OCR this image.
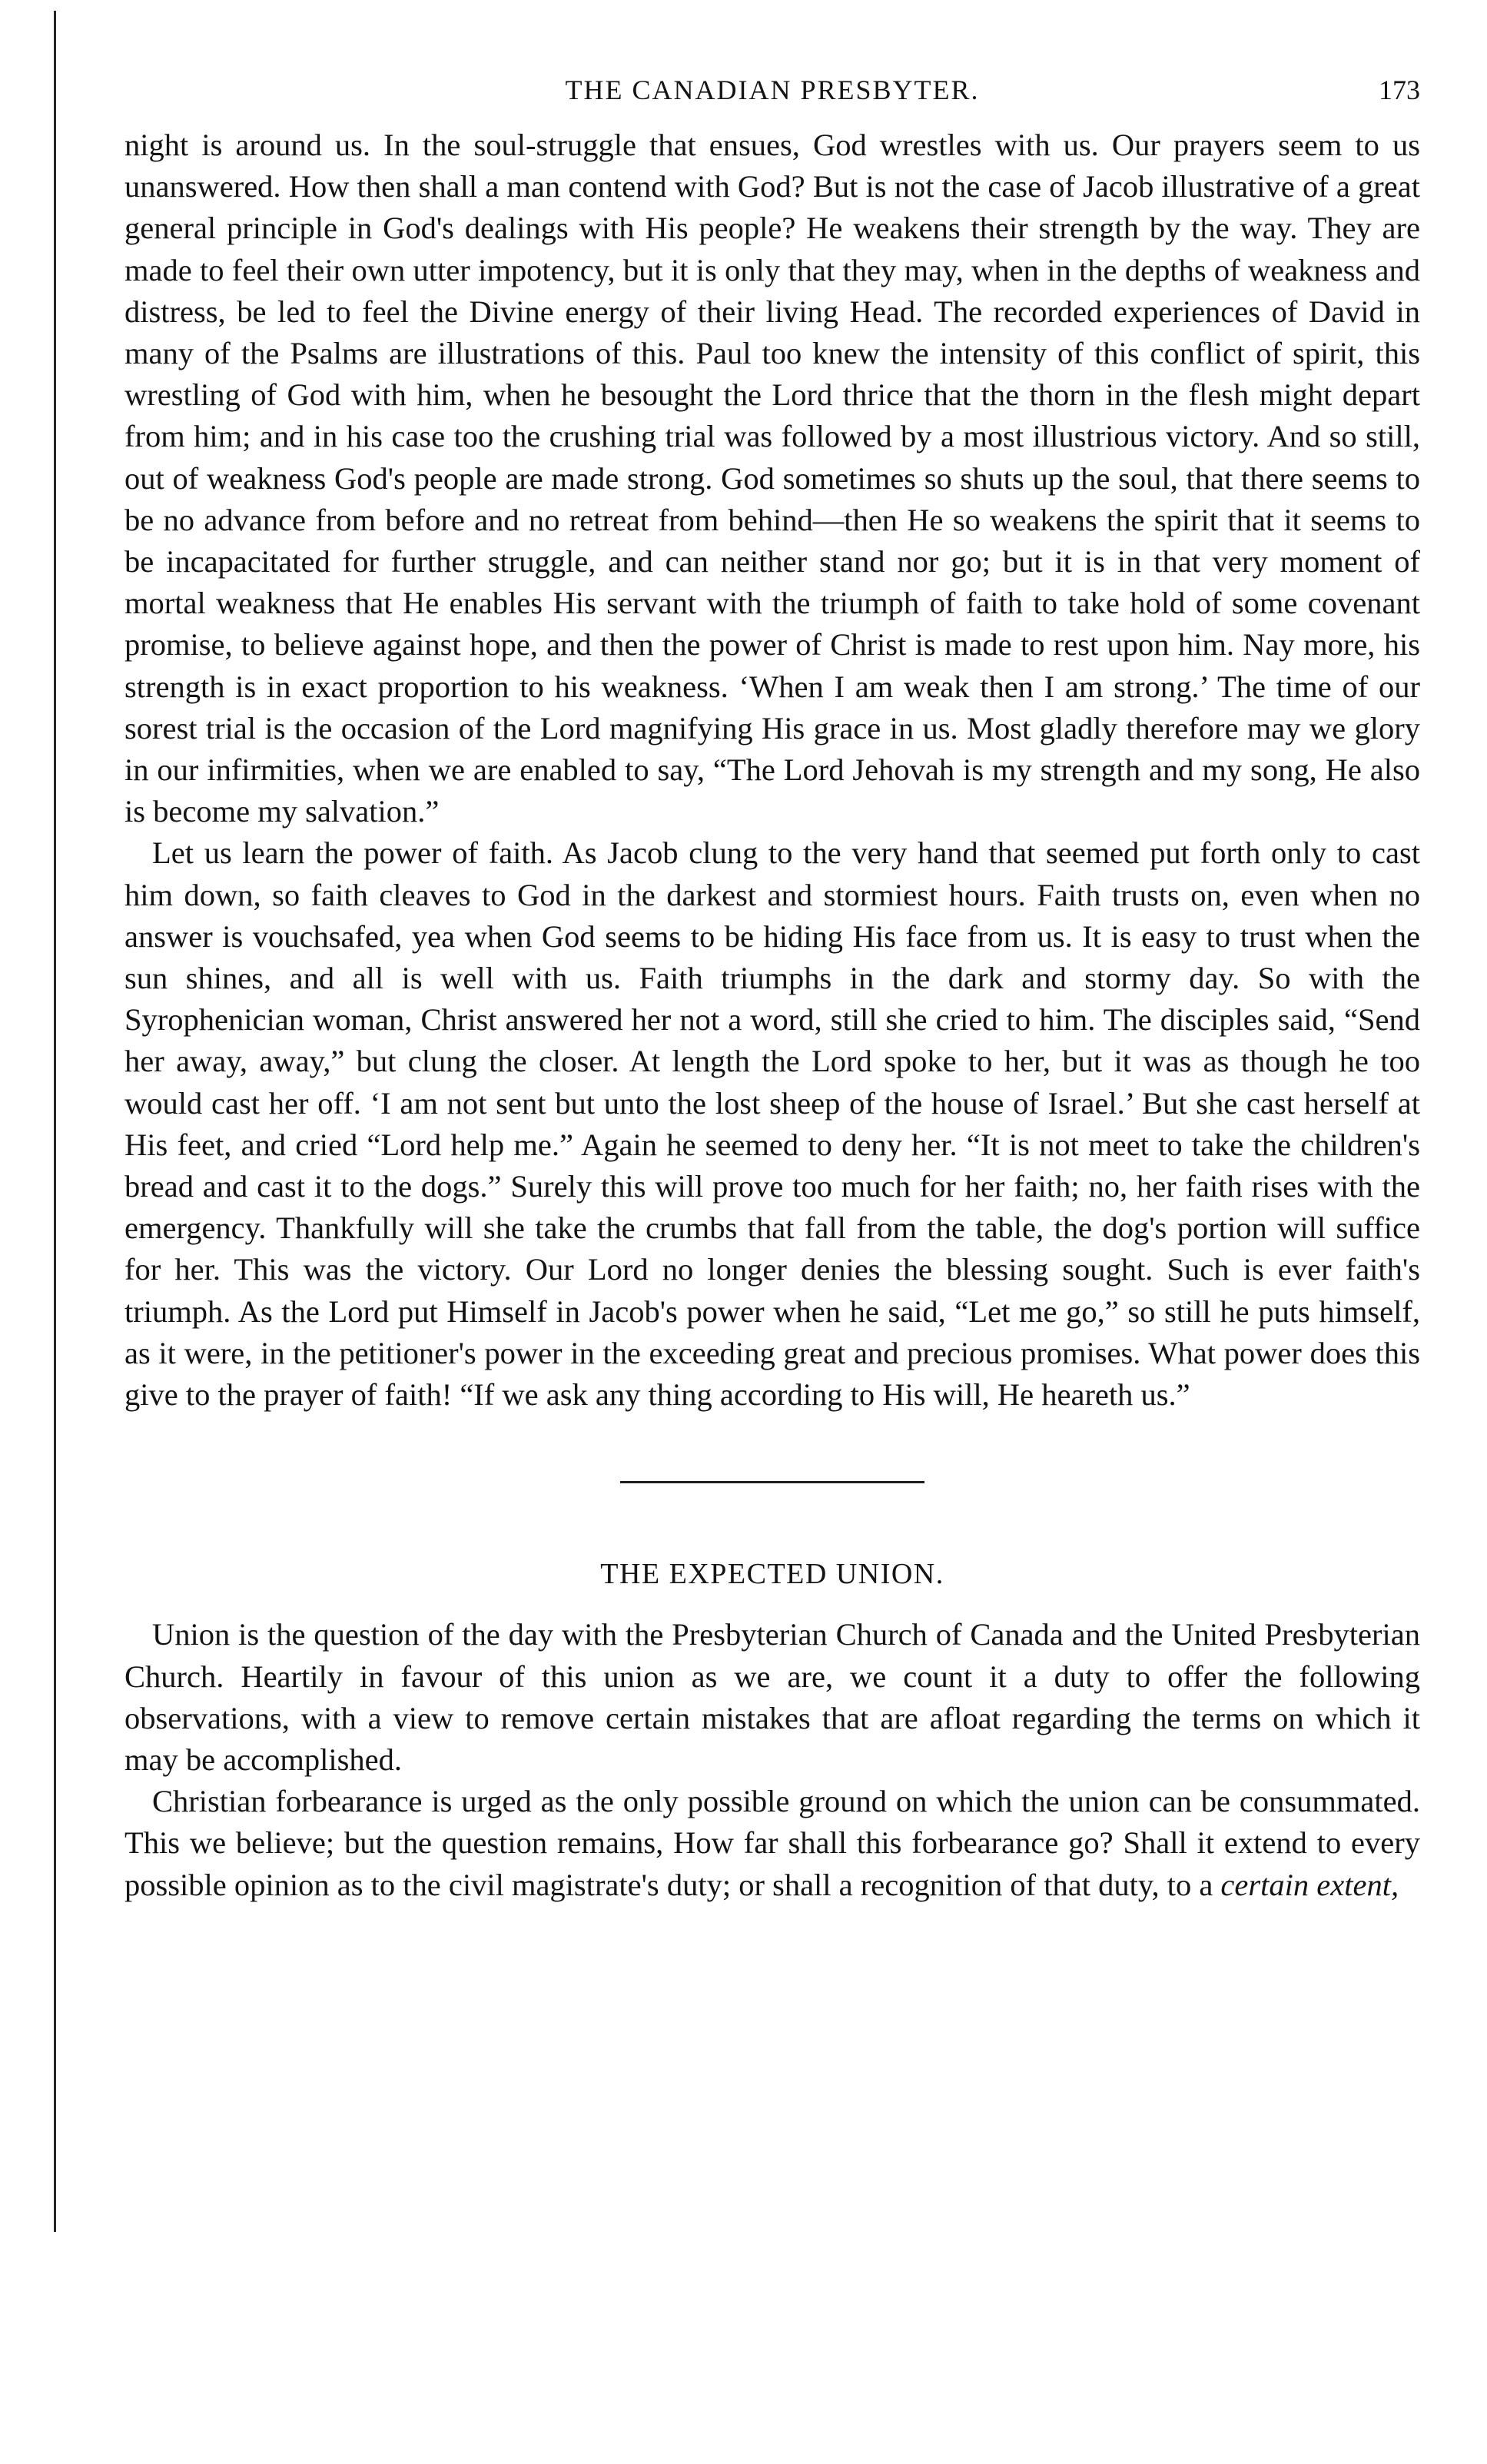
THE CANADIAN PRESBYTER.	173

night is around us. In the soul-struggle that ensues, God wrestles with us. Our prayers seem to us unanswered. How then shall a man contend with God? But is not the case of Jacob illustrative of a great general principle in God's dealings with His people? He weakens their strength by the way. They are made to feel their own utter impotency, but it is only that they may, when in the depths of weakness and distress, be led to feel the Divine energy of their living Head. The recorded experiences of David in many of the Psalms are illustrations of this. Paul too knew the intensity of this conflict of spirit, this wrestling of God with him, when he besought the Lord thrice that the thorn in the flesh might depart from him; and in his case too the crushing trial was followed by a most illustrious victory. And so still, out of weakness God's people are made strong. God sometimes so shuts up the soul, that there seems to be no advance from before and no retreat from behind—then He so weakens the spirit that it seems to be incapacitated for further struggle, and can neither stand nor go; but it is in that very moment of mortal weakness that He enables His servant with the triumph of faith to take hold of some covenant promise, to believe against hope, and then the power of Christ is made to rest upon him. Nay more, his strength is in exact proportion to his weakness. ‘When I am weak then I am strong.’ The time of our sorest trial is the occasion of the Lord magnifying His grace in us. Most gladly therefore may we glory in our infirmities, when we are enabled to say, “The Lord Jehovah is my strength and my song, He also is become my salvation.”

Let us learn the power of faith. As Jacob clung to the very hand that seemed put forth only to cast him down, so faith cleaves to God in the darkest and stormiest hours. Faith trusts on, even when no answer is vouchsafed, yea when God seems to be hiding His face from us. It is easy to trust when the sun shines, and all is well with us. Faith triumphs in the dark and stormy day. So with the Syrophenician woman, Christ answered her not a word, still she cried to him. The disciples said, “Send her away, away,” but clung the closer. At length the Lord spoke to her, but it was as though he too would cast her off. ‘I am not sent but unto the lost sheep of the house of Israel.’ But she cast herself at His feet, and cried “Lord help me.” Again he seemed to deny her. “It is not meet to take the children's bread and cast it to the dogs.” Surely this will prove too much for her faith; no, her faith rises with the emergency. Thankfully will she take the crumbs that fall from the table, the dog's portion will suffice for her. This was the victory. Our Lord no longer denies the blessing sought. Such is ever faith's triumph. As the Lord put Himself in Jacob's power when he said, “Let me go,” so still he puts himself, as it were, in the petitioner's power in the exceeding great and precious promises. What power does this give to the prayer of faith! “If we ask any thing according to His will, He heareth us.”

THE EXPECTED UNION.

Union is the question of the day with the Presbyterian Church of Canada and the United Presbyterian Church. Heartily in favour of this union as we are, we count it a duty to offer the following observations, with a view to remove certain mistakes that are afloat regarding the terms on which it may be accomplished.

Christian forbearance is urged as the only possible ground on which the union can be consummated. This we believe; but the question remains, How far shall this forbearance go? Shall it extend to every possible opinion as to the civil magistrate's duty; or shall a recognition of that duty, to a certain extent,
